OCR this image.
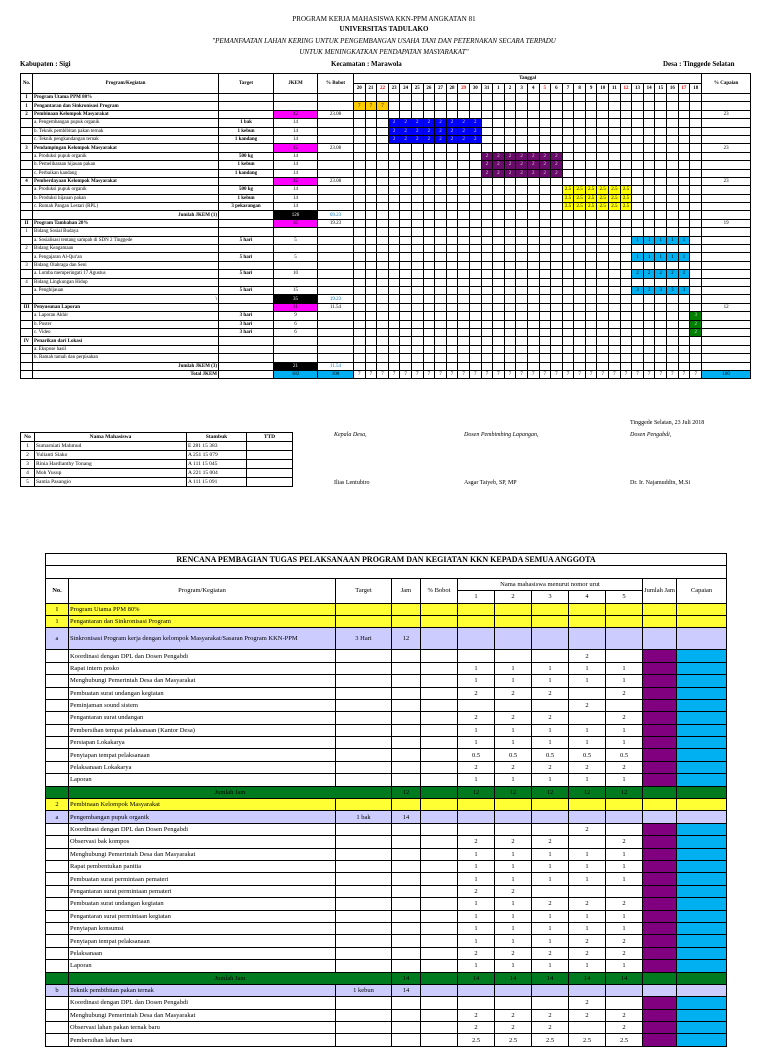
PROGRAM KERJA MAHASISWA KKN-PPM ANGKATAN 81
UNIVERSITAS TADULAKO
"PEMANFAATAN LAHAN KERING UNTUK PENGEMBANGAN USAHA TANI DAN PETERNAKAN SECARA TERPADU
UNTUK MENINGKATKAN PENDAPATAN MASYARAKAT"
Kabupaten : Sigi	Kecamatan : Marawola	Desa : Tinggede Selatan
No.	Program/Kegiatan	Target	JKEM	% Bobot	Tanggal																														% Capaian
					20	21	22	23	24	25	26	27	28	29	30	31	1	2	3	4	5	6	7	8	9	10	11	12	13	14	15	16	17	18	
I	Program Utama PPM 80%																																		
1	Pengantaran dan Sinkronisasi Program				7	7	7																												
2	Pembinaan Kelompok Masyarakat		42	23.08																															23
	a. Pengembangan pupuk organik	1 bak	14					2	2	2	2	2	2	2	2																				
	b. Teknik pembibitan pakan ternak	1 kebun	14					2	2	2	2	2	2	2	2																				
	c. Teknik pengkandangan ternak	1 kandang	14					2	2	2	2	2	2	2	2																				
3	Pendampingan Kelompok Masyarakat		42	23.08																															23
	a. Produksi pupuk organik	500 kg	14													2	2	2	2	2	2	2													
	b. Pemeliharaan hijauan pakan	1 kebun	14													2	2	2	2	2	2	2													
	c. Perbaikan kandang	1 kandang	14													2	2	2	2	2	2	2													
4	Pemberdayaan Kelompok Masyarakat		42	23.08																															23
	a. Produksi pupuk organik	500 kg	14																				2.5	2.5	2.5	2.5	2.5	2.5							
	b. Produksi hijauan pakan	1 kebun	14																				2.5	2.5	2.5	2.5	2.5	2.5							
	c. Rumah Pangan Lestari (RPL)	3 pekarangan	14																				2.5	2.5	2.5	2.5	2.5	2.5							
	Jumlah JKEM (1)		126	69.23																															
II	Program Tambahan 20%		35	19.23																															19
1	Bidang Sosial Budaya																																		
	a. Sosialisasi tentang sampah di SDN 2 Tinggede	5 hari	5																										1	1	1	1	1		
2	Bidang Keagamaan																																		
	a. Pengajaran Al-Qur'an	5 hari	5																										1	1	1	1	1		
3	Bidang Olahraga dan Seni																																		
	a. Lomba memperingati 17 Agustus	5 hari	10																										2	2	2	2	2		
4	Bidang Lingkungan Hidup																																		
	a. Penghijauan	5 hari	15																										3	3	3	3	3		
	\		35	19.23																															
III	Penyusunan Laporan		21	11.54																															12
	a. Laporan Akhir	3 hari	9																															3	
	b. Poster	3 hari	6																															2	
	c. Video	3 hari	6																															2	
IV	Penarikan dari Lokasi																																		
	a. Ekspose hasil																																		
	b. Ramah tamah dan perpisahan																																		
	Jumlah JKEM (3)		21	11.54																															
	Total JKEM		182	100	7	7	7	7	7	7	7	7	7	7	7	7	7	7	7	7	7	7	7	7	7	7	7	7	7	7	7	7	7	7	100
Tinggede Selatan, 23 Juli 2018
Kepala Desa,	Dosen Pembimbing Lapangan,	Dosen Pengabdi,
Ilias Lentubiro	Asgar Taiyeb, SP, MP	Dr. Ir. Najamuddin, M.Si
No	Nama Mahasiswa	Stambuk	TTD
1	Sumarniati Mahmud	E 281 15 383	
2	Yulianti Siako	A 251 15 079	
3	Rinia Hardianthy Tonang	A 111 15 045	
4	Moh Yusup	A 221 15 004	
5	Santia Pasangio	A 111 15 091	
RENCANA PEMBAGIAN TUGAS PELAKSANAAN PROGRAM DAN KEGIATAN KKN KEPADA SEMUA ANGGOTA											

No.	Program/Kegiatan	Target	Jam	% Bobot	Nama mahasiswa menurut nomor urut					Jumlah Jam	Capaian
					1	2	3	4	5		
I	Program Utama PPM 80%										
1	Pengantaran dan Sinkronisasi Program										
a	Sinkronisasi Program kerja dengan kelompok Masyarakat/Sasaran Program KKN-PPM	3 Hari	12								
	Koordinasi dengan DPL dan Dosen Pengabdi							2			
	Rapat intern posko				1	1	1	1	1		
	Menghubungi Pemerintah Desa dan Masyarakat				1	1	1	1	1		
	Pembuatan surat undangan kegiatan				2	2	2		2		
	Peminjaman sound sistem							2			
	Pengantaran surat undangan				2	2	2		2		
	Pembersihan tempat pelaksanaan (Kantor Desa)				1	1	1	1	1		
	Persiapan Lokakarya				1	1	1	1	1		
	Penyiapan tempat pelaksanaan				0.5	0.5	0.5	0.5	0.5		
	Pelaksanaan Lokakarya				2	2	2	2	2		
	Laporan				1	1	1	1	1		
	Jumlah Jam		12		12	12	12	12	12		
2	Pembinaan Kelompok Masyarakat										
a	Pengembangan pupuk organik	1 bak	14								
	Koordinasi dengan DPL dan Dosen Pengabdi							2			
	Observasi bak kompos				2	2	2		2		
	Menghubungi Pemerintah Desa dan Masyarakat				1	1	1	1	1		
	Rapat pembentukan panitia				1	1	1	1	1		
	Pembuatan surat permintaan pemateri				1	1	1	1	1		
	Pengantaran surat permintaan pemateri				2	2					
	Pembuatan surat undangan kegiatan				1	1	2	2	2		
	Pengantaran surat permintaan kegiatan				1	1	1	1	1		
	Penyiapan konsumsi				1	1	1	1	1		
	Penyiapan tempat pelaksanaan				1	1	1	2	2		
	Pelaksanaan				2	2	2	2	2		
	Laporan				1	1	1	1	1		
	Jumlah Jam		14		14	14	14	14	14		
b	Teknik pembibitan pakan ternak	1 kebun	14								
	Koordinasi dengan DPL dan Dosen Pengabdi							2			
	Menghubungi Pemerintah Desa dan Masyarakat				2	2	2	2	2		
	Observasi lahan pakan ternak baru				2	2	2		2		
	Pembersihan lahan baru				2.5	2.5	2.5	2.5	2.5		
